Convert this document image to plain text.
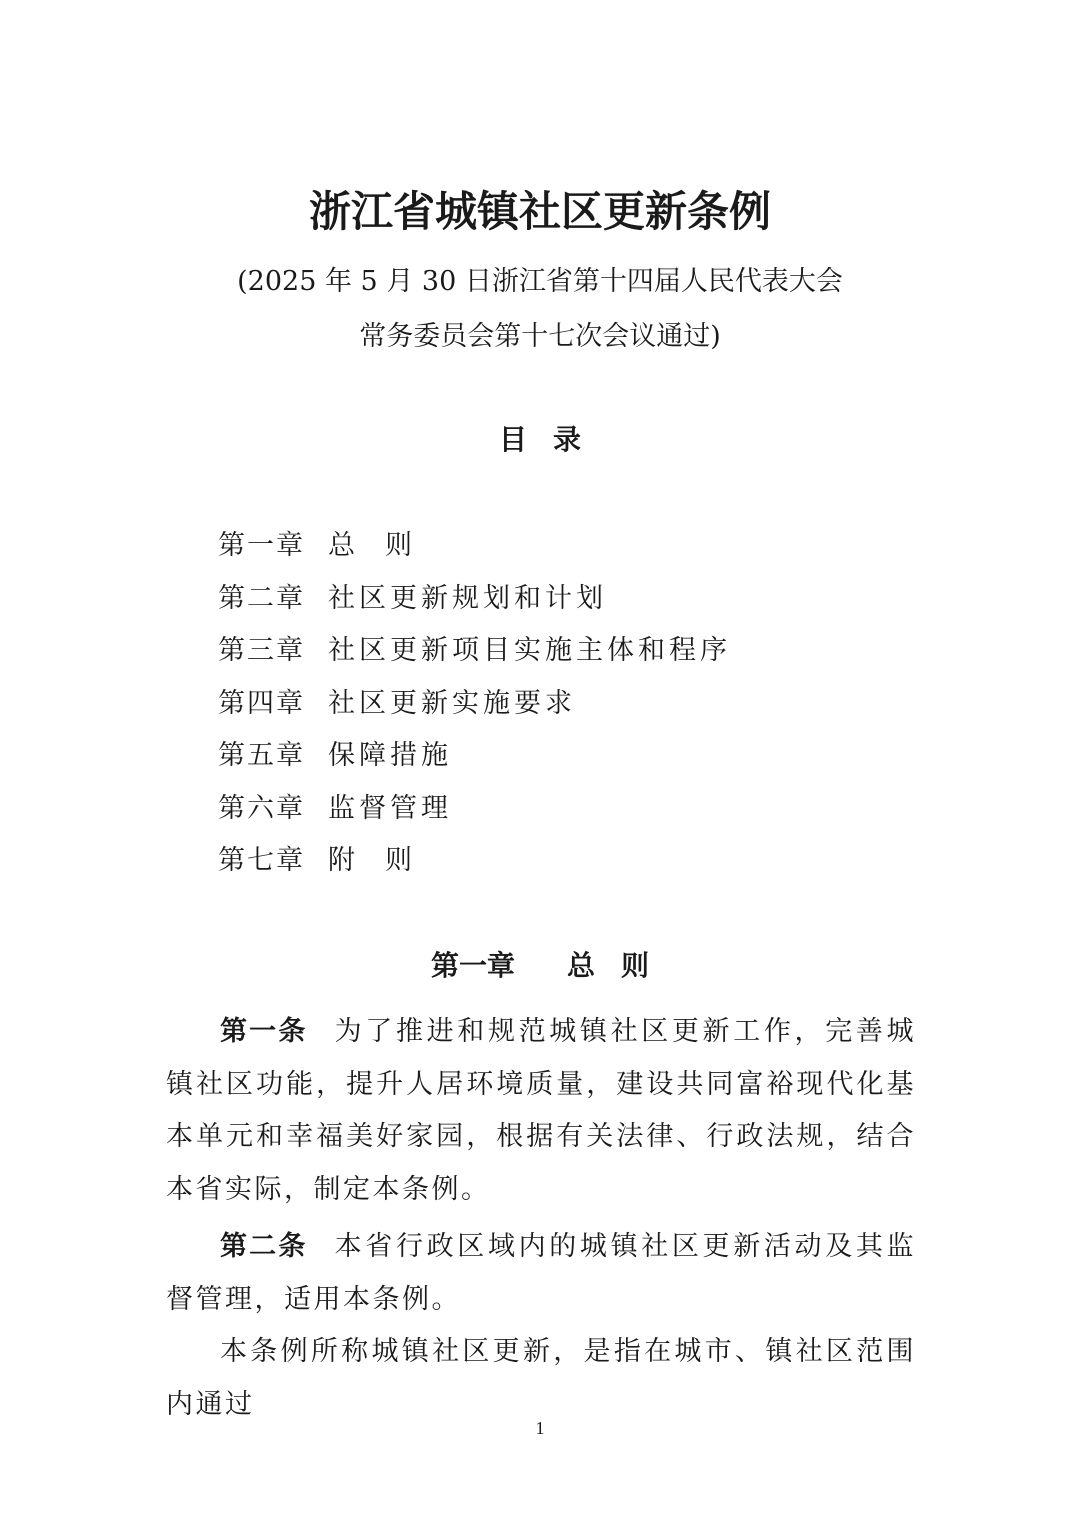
浙江省城镇社区更新条例
(2025 年 5 月 30 日浙江省第十四届人民代表大会
常务委员会第十七次会议通过)
目录
第一章 总则
第二章 社区更新规划和计划
第三章 社区更新项目实施主体和程序
第四章 社区更新实施要求
第五章 保障措施
第六章 监督管理
第七章 附则
第一章 总则

第一条 为了推进和规范城镇社区更新工作，完善城镇社区功能，提升人居环境质量，建设共同富裕现代化基本单元和幸福美好家园，根据有关法律、行政法规，结合本省实际，制定本条例。

第二条 本省行政区域内的城镇社区更新活动及其监督管理，适用本条例。

本条例所称城镇社区更新，是指在城市、镇社区范围内通过

1
